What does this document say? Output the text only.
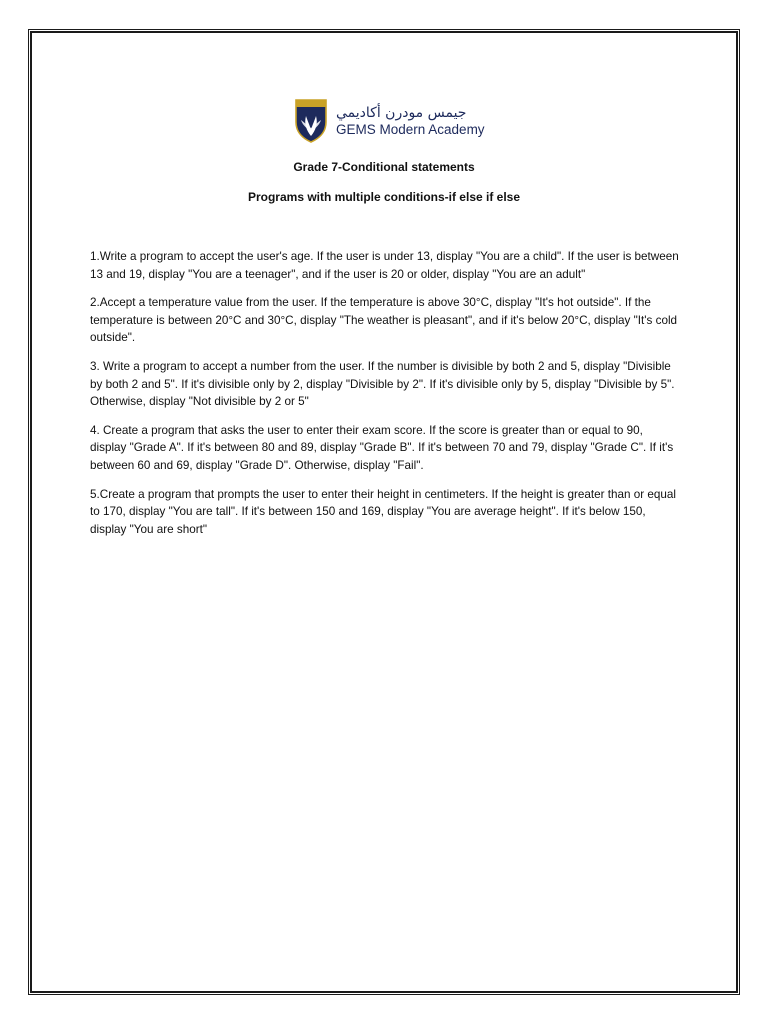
جيمس مودرن أكاديمي
GEMS Modern Academy
Grade 7-Conditional statements
Programs with multiple conditions-if else if else

1.Write a program to accept the user's age. If the user is under 13, display "You are a child". If the user is between 13 and 19, display "You are a teenager", and if the user is 20 or older, display "You are an adult"

2.Accept a temperature value from the user. If the temperature is above 30°C, display "It's hot outside". If the temperature is between 20°C and 30°C, display "The weather is pleasant", and if it's below 20°C, display "It's cold outside".

3. Write a program to accept a number from the user. If the number is divisible by both 2 and 5, display "Divisible by both 2 and 5". If it's divisible only by 2, display "Divisible by 2". If it's divisible only by 5, display "Divisible by 5". Otherwise, display "Not divisible by 2 or 5"

4. Create a program that asks the user to enter their exam score. If the score is greater than or equal to 90, display "Grade A". If it's between 80 and 89, display "Grade B". If it's between 70 and 79, display "Grade C". If it's between 60 and 69, display "Grade D". Otherwise, display "Fail".

5.Create a program that prompts the user to enter their height in centimeters. If the height is greater than or equal to 170, display "You are tall". If it's between 150 and 169, display "You are average height". If it's below 150, display "You are short"
